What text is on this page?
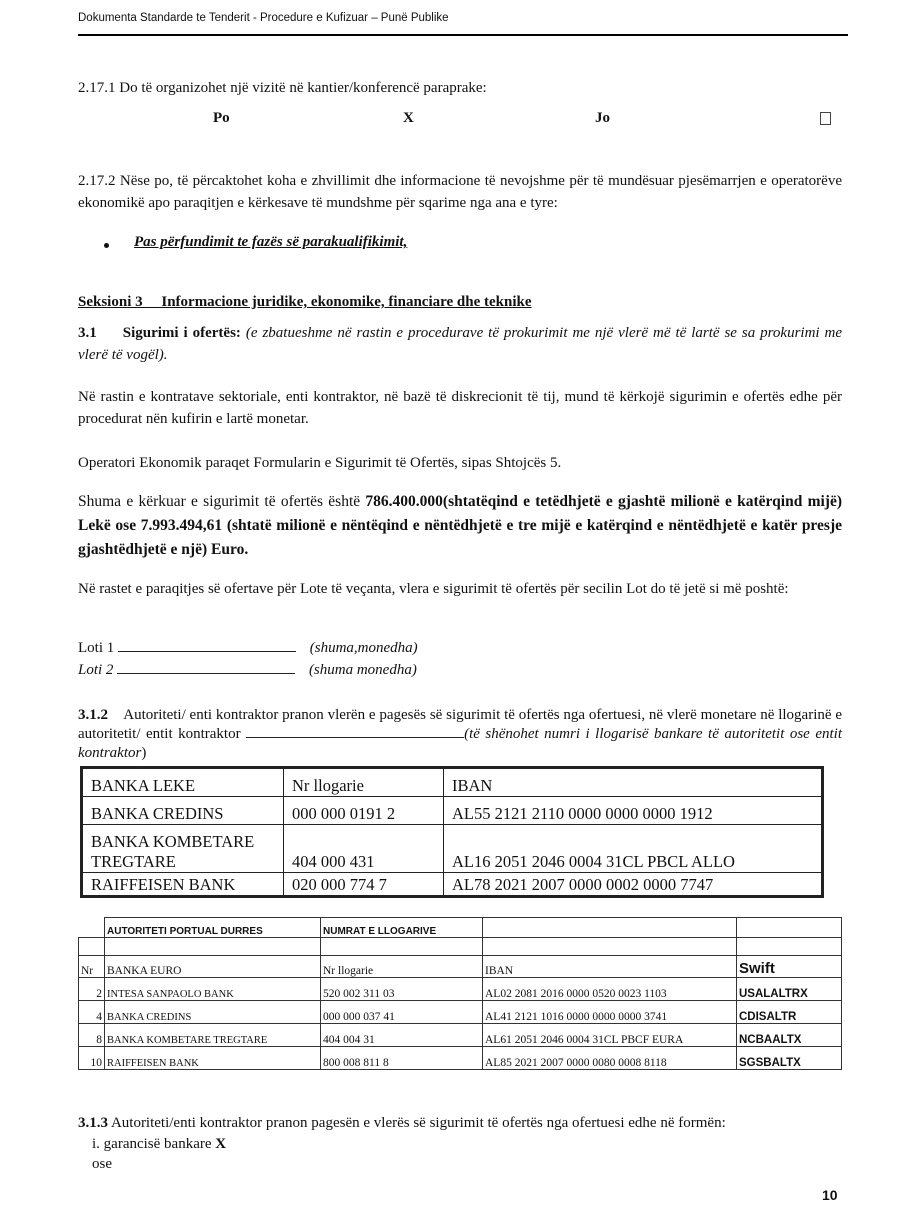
Dokumenta Standarde te Tenderit - Procedure e Kufizuar – Punë Publike
2.17.1 Do të organizohet një vizitë në kantier/konferencë paraprake:
Po	X	Jo

2.17.2 Nëse po, të përcaktohet koha e zhvillimit dhe informacione të nevojshme për të mundësuar pjesëmarrjen e operatorëve ekonomikë apo paraqitjen e kërkesave të mundshme për sqarime nga ana e tyre:

Pas përfundimit te fazës së parakualifikimit,
Seksioni 3     Informacione juridike, ekonomike, financiare dhe teknike

3.1 Sigurimi i ofertës: (e zbatueshme në rastin e procedurave të prokurimit me një vlerë më të lartë se sa prokurimi me vlerë të vogël).

Në rastin e kontratave sektoriale, enti kontraktor, në bazë të diskrecionit të tij, mund të kërkojë sigurimin e ofertës edhe për procedurat nën kufirin e lartë monetar.

Operatori Ekonomik paraqet Formularin e Sigurimit të Ofertës, sipas Shtojcës 5.

Shuma e kërkuar e sigurimit të ofertës është 786.400.000(shtatëqind e tetëdhjetë e gjashtë milionë e katërqind mijë) Lekë ose 7.993.494,61 (shtatë milionë e nëntëqind e nëntëdhjetë e tre mijë e katërqind e nëntëdhjetë e katër presje gjashtëdhjetë e një) Euro.

Në rastet e paraqitjes së ofertave për Lote të veçanta, vlera e sigurimit të ofertës për secilin Lot do të jetë si më poshtë:

Loti 1	(shuma,monedha)
Loti 2	(shuma monedha)

3.1.2 Autoriteti/ enti kontraktor pranon vlerën e pagesës së sigurimit të ofertës nga ofertuesi, në vlerë monetare në llogarinë e autoritetit/ entit kontraktor	(të shënohet numri i llogarisë bankare të autoritetit ose entit kontraktor)

BANKA LEKE	Nr llogarie	IBAN
BANKA CREDINS	000 000 0191 2	AL55 2121 2110 0000 0000 0000 1912
BANKA KOMBETARE
TREGTARE	404 000 431	AL16 2051 2046 0004 31CL PBCL ALLO
RAIFFEISEN BANK	020 000 774 7	AL78 2021 2007 0000 0002 0000 7747
	AUTORITETI PORTUAL DURRES	NUMRAT E LLOGARIVE		

Nr	BANKA EURO	Nr llogarie	IBAN	Swift
2	INTESA SANPAOLO BANK	520 002 311 03	AL02 2081 2016 0000 0520 0023 1103	USALALTRX
4	BANKA CREDINS	000 000 037 41	AL41 2121 1016 0000 0000 0000 3741	CDISALTR
8	BANKA KOMBETARE TREGTARE	404 004 31	AL61 2051 2046 0004 31CL PBCF EURA	NCBAALTX
10	RAIFFEISEN BANK	800 008 811 8	AL85 2021 2007 0000 0080 0008 8118	SGSBALTX

3.1.3 Autoriteti/enti kontraktor pranon pagesën e vlerës së sigurimit të ofertës nga ofertuesi edhe në formën:

i. garancisë bankare X
ose
10
